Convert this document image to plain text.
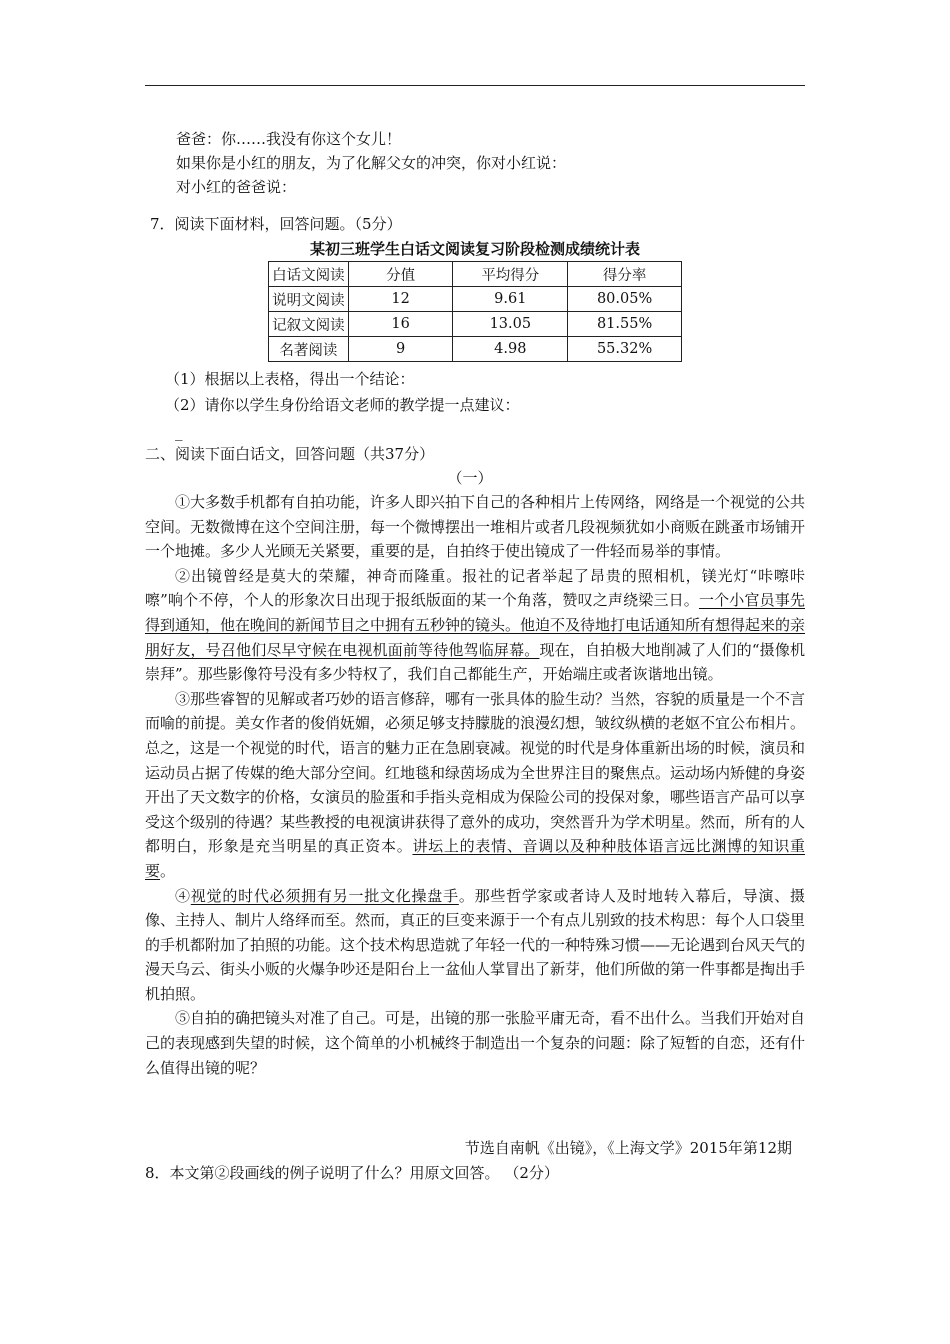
爸爸：你……我没有你这个女儿！
如果你是小红的朋友，为了化解父女的冲突，你对小红说：
对小红的爸爸说：
7．阅读下面材料，回答问题。（5分）
某初三班学生白话文阅读复习阶段检测成绩统计表
白话文阅读	分值	平均得分	得分率
说明文阅读	12	9.61	80.05%
记叙文阅读	16	13.05	81.55%
名著阅读	9	4.98	55.32%
（1）根据以上表格，得出一个结论：
（2）请你以学生身份给语文老师的教学提一点建议：
_
二、阅读下面白话文，回答问题（共37分）
（一）

①大多数手机都有自拍功能，许多人即兴拍下自己的各种相片上传网络，网络是一个视觉的公共空间。无数微博在这个空间注册，每一个微博摆出一堆相片或者几段视频犹如小商贩在跳蚤市场铺开一个地摊。多少人光顾无关紧要，重要的是，自拍终于使出镜成了一件轻而易举的事情。

②出镜曾经是莫大的荣耀，神奇而隆重。报社的记者举起了昂贵的照相机，镁光灯“咔嚓咔嚓”响个不停，个人的形象次日出现于报纸版面的某一个角落，赞叹之声绕梁三日。一个小官员事先得到通知，他在晚间的新闻节目之中拥有五秒钟的镜头。他迫不及待地打电话通知所有想得起来的亲朋好友，号召他们尽早守候在电视机面前等待他驾临屏幕。现在，自拍极大地削减了人们的“摄像机崇拜”。那些影像符号没有多少特权了，我们自己都能生产，开始端庄或者诙谐地出镜。

③那些睿智的见解或者巧妙的语言修辞，哪有一张具体的脸生动？当然，容貌的质量是一个不言而喻的前提。美女作者的俊俏妩媚，必须足够支持朦胧的浪漫幻想，皱纹纵横的老妪不宜公布相片。总之，这是一个视觉的时代，语言的魅力正在急剧衰减。视觉的时代是身体重新出场的时候，演员和运动员占据了传媒的绝大部分空间。红地毯和绿茵场成为全世界注目的聚焦点。运动场内矫健的身姿开出了天文数字的价格，女演员的脸蛋和手指头竞相成为保险公司的投保对象，哪些语言产品可以享受这个级别的待遇？某些教授的电视演讲获得了意外的成功，突然晋升为学术明星。然而，所有的人都明白，形象是充当明星的真正资本。讲坛上的表情、音调以及种种肢体语言远比渊博的知识重要。

④视觉的时代必须拥有另一批文化操盘手。那些哲学家或者诗人及时地转入幕后，导演、摄像、主持人、制片人络绎而至。然而，真正的巨变来源于一个有点儿别致的技术构思：每个人口袋里的手机都附加了拍照的功能。这个技术构思造就了年轻一代的一种特殊习惯——无论遇到台风天气的漫天乌云、街头小贩的火爆争吵还是阳台上一盆仙人掌冒出了新芽，他们所做的第一件事都是掏出手机拍照。

⑤自拍的确把镜头对准了自己。可是，出镜的那一张脸平庸无奇，看不出什么。当我们开始对自己的表现感到失望的时候，这个简单的小机械终于制造出一个复杂的问题：除了短暂的自恋，还有什么值得出镜的呢？

节选自南帆《出镜》，《上海文学》2015年第12期
8．本文第②段画线的例子说明了什么？用原文回答。 （2分）
